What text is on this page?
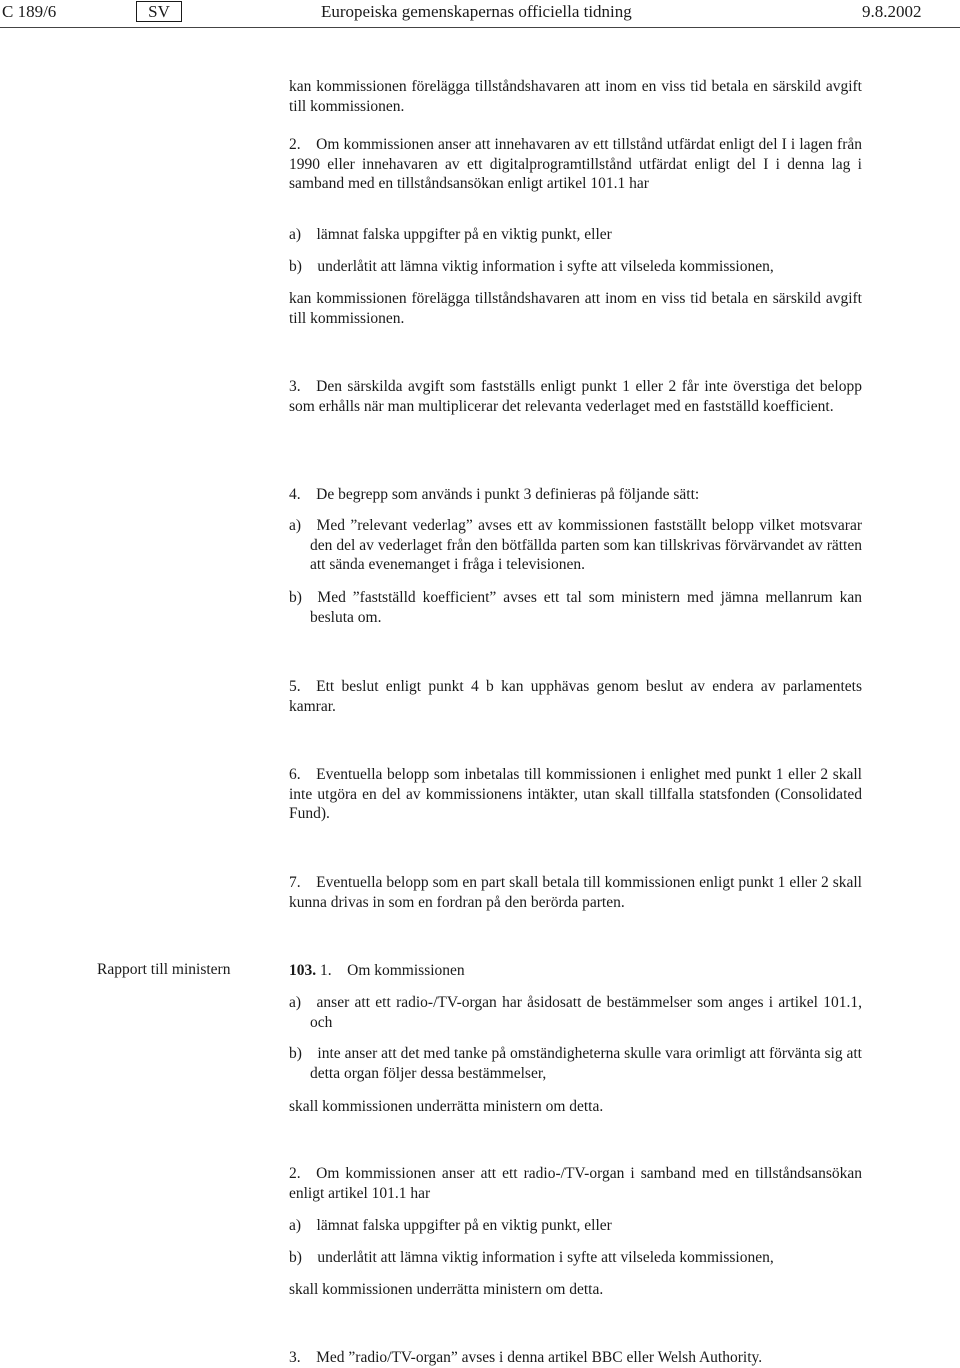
C 189/6	SV	Europeiska gemenskapernas officiella tidning	9.8.2002
kan kommissionen förelägga tillståndshavaren att inom en viss tid betala en särskild avgift till kommissionen.
2. Om kommissionen anser att innehavaren av ett tillstånd utfärdat enligt del I i lagen från 1990 eller innehavaren av ett digitalprogramtillstånd utfärdat enligt del I i denna lag i samband med en tillståndsansökan enligt artikel 101.1 har
a) lämnat falska uppgifter på en viktig punkt, eller
b) underlåtit att lämna viktig information i syfte att vilseleda kommissionen,
kan kommissionen förelägga tillståndshavaren att inom en viss tid betala en särskild avgift till kommissionen.
3. Den särskilda avgift som fastställs enligt punkt 1 eller 2 får inte överstiga det belopp som erhålls när man multiplicerar det relevanta vederlaget med en fastställd koefficient.
4. De begrepp som används i punkt 3 definieras på följande sätt:
a) Med ”relevant vederlag” avses ett av kommissionen fastställt belopp vilket motsvarar den del av vederlaget från den bötfällda parten som kan tillskrivas förvärvandet av rätten att sända evenemanget i fråga i televisionen.
b) Med ”fastställd koefficient” avses ett tal som ministern med jämna mellanrum kan besluta om.
5. Ett beslut enligt punkt 4 b kan upphävas genom beslut av endera av parlamentets kamrar.
6. Eventuella belopp som inbetalas till kommissionen i enlighet med punkt 1 eller 2 skall inte utgöra en del av kommissionens intäkter, utan skall tillfalla statsfonden (Consolidated Fund).
7. Eventuella belopp som en part skall betala till kommissionen enligt punkt 1 eller 2 skall kunna drivas in som en fordran på den berörda parten.
Rapport till ministern	103. 1. Om kommissionen
a) anser att ett radio-/TV-organ har åsidosatt de bestämmelser som anges i artikel 101.1, och
b) inte anser att det med tanke på omständigheterna skulle vara orimligt att förvänta sig att detta organ följer dessa bestämmelser,
skall kommissionen underrätta ministern om detta.
2. Om kommissionen anser att ett radio-/TV-organ i samband med en tillståndsansökan enligt artikel 101.1 har
a) lämnat falska uppgifter på en viktig punkt, eller
b) underlåtit att lämna viktig information i syfte att vilseleda kommissionen,
skall kommissionen underrätta ministern om detta.
3. Med ”radio/TV-organ” avses i denna artikel BBC eller Welsh Authority.
